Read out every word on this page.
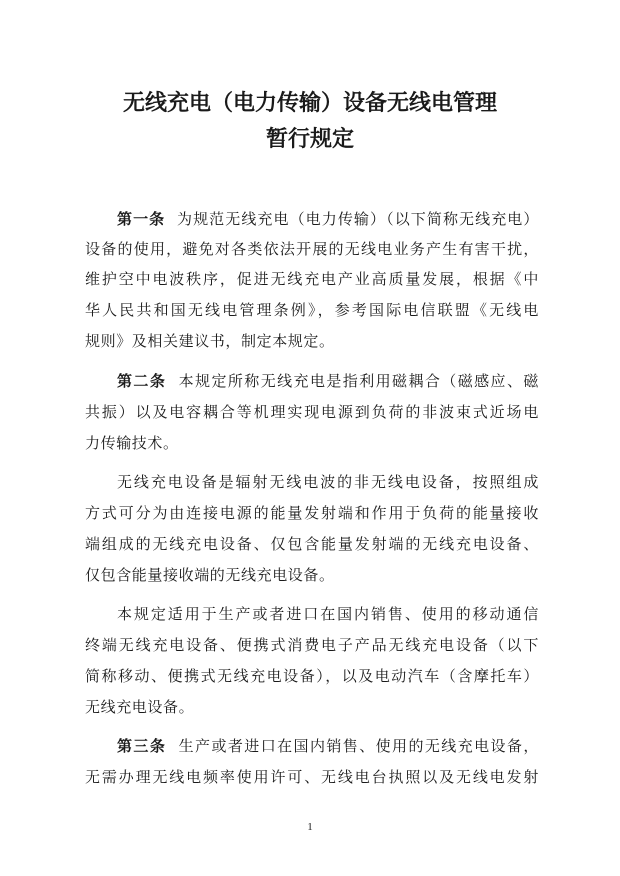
无线充电（电力传输）设备无线电管理
暂行规定
第一条 为规范无线充电（电力传输）（以下简称无线充电）
设备的使用，避免对各类依法开展的无线电业务产生有害干扰，
维护空中电波秩序，促进无线充电产业高质量发展，根据《中
华人民共和国无线电管理条例》，参考国际电信联盟《无线电
规则》及相关建议书，制定本规定。
第二条 本规定所称无线充电是指利用磁耦合（磁感应、磁
共振）以及电容耦合等机理实现电源到负荷的非波束式近场电
力传输技术。
无线充电设备是辐射无线电波的非无线电设备，按照组成
方式可分为由连接电源的能量发射端和作用于负荷的能量接收
端组成的无线充电设备、仅包含能量发射端的无线充电设备、
仅包含能量接收端的无线充电设备。
本规定适用于生产或者进口在国内销售、使用的移动通信
终端无线充电设备、便携式消费电子产品无线充电设备（以下
简称移动、便携式无线充电设备），以及电动汽车（含摩托车）
无线充电设备。
第三条 生产或者进口在国内销售、使用的无线充电设备，
无需办理无线电频率使用许可、无线电台执照以及无线电发射
1
